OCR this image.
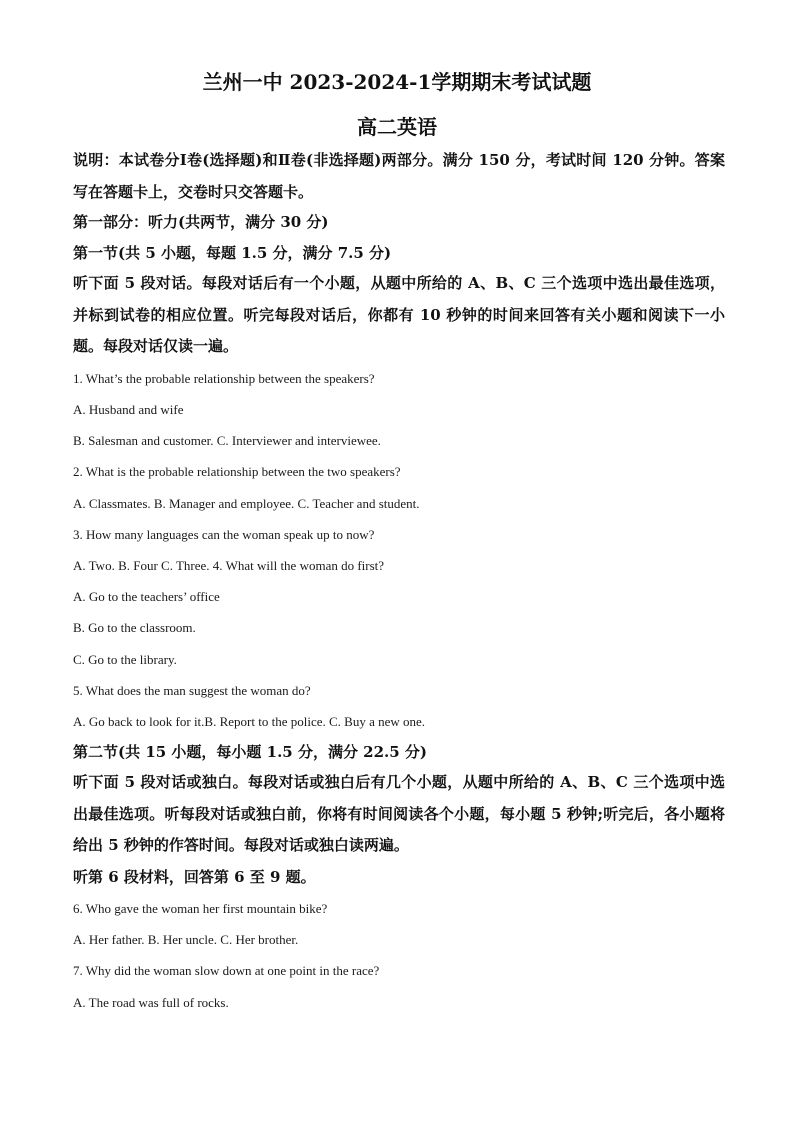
兰州一中 2023-2024-1学期期末考试试题
高二英语
说明：本试卷分Ⅰ卷(选择题)和Ⅱ卷(非选择题)两部分。满分 150 分，考试时间 120 分钟。答案写在答题卡上，交卷时只交答题卡。
第一部分：听力(共两节，满分 30 分)
第一节(共 5 小题，每题 1.5 分，满分 7.5 分)
听下面 5 段对话。每段对话后有一个小题，从题中所给的 A、B、C 三个选项中选出最佳选项，并标到试卷的相应位置。听完每段对话后，你都有 10 秒钟的时间来回答有关小题和阅读下一小题。每段对话仅读一遍。
1. What’s the probable relationship between the speakers?
A. Husband and wife
B. Salesman and customer. C. Interviewer and interviewee.
2. What is the probable relationship between the two speakers?
A. Classmates. B. Manager and employee. C. Teacher and student.
3. How many languages can the woman speak up to now?
A. Two. B. Four C. Three. 4. What will the woman do first?
A. Go to the teachers’ office
B. Go to the classroom.
C. Go to the library.
5. What does the man suggest the woman do?
A. Go back to look for it.B. Report to the police. C. Buy a new one.
第二节(共 15 小题，每小题 1.5 分，满分 22.5 分)
听下面 5 段对话或独白。每段对话或独白后有几个小题，从题中所给的 A、B、C 三个选项中选出最佳选项。听每段对话或独白前，你将有时间阅读各个小题，每小题 5 秒钟;听完后，各小题将给出 5 秒钟的作答时间。每段对话或独白读两遍。
听第 6 段材料，回答第 6 至 9 题。
6. Who gave the woman her first mountain bike?
A. Her father. B. Her uncle. C. Her brother.
7. Why did the woman slow down at one point in the race?
A. The road was full of rocks.
